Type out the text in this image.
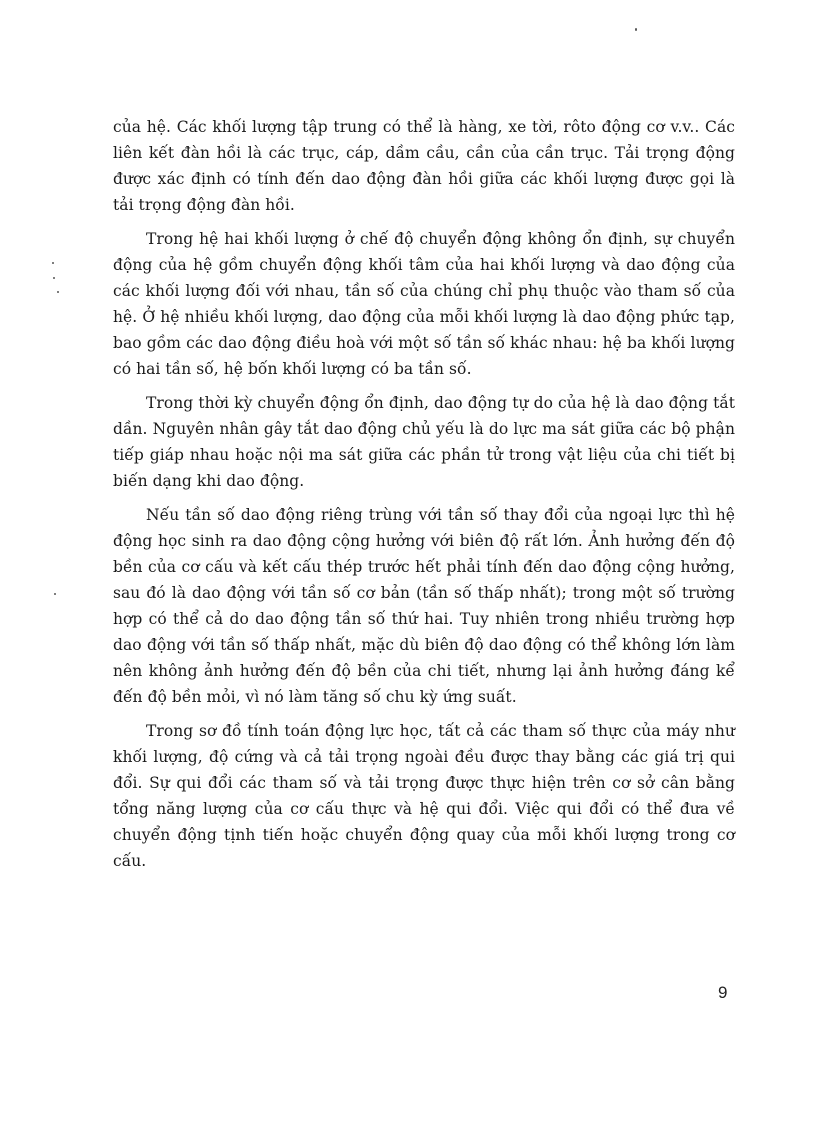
của hệ. Các khối lượng tập trung có thể là hàng, xe tời, rôto động cơ v.v.. Các liên kết đàn hồi là các trục, cáp, dầm cầu, cần của cần trục. Tải trọng động được xác định có tính đến dao động đàn hồi giữa các khối lượng được gọi là tải trọng động đàn hồi.

Trong hệ hai khối lượng ở chế độ chuyển động không ổn định, sự chuyển động của hệ gồm chuyển động khối tâm của hai khối lượng và dao động của các khối lượng đối với nhau, tần số của chúng chỉ phụ thuộc vào tham số của hệ. Ở hệ nhiều khối lượng, dao động của mỗi khối lượng là dao động phức tạp, bao gồm các dao động điều hoà với một số tần số khác nhau: hệ ba khối lượng có hai tần số, hệ bốn khối lượng có ba tần số.

Trong thời kỳ chuyển động ổn định, dao động tự do của hệ là dao động tắt dần. Nguyên nhân gây tắt dao động chủ yếu là do lực ma sát giữa các bộ phận tiếp giáp nhau hoặc nội ma sát giữa các phần tử trong vật liệu của chi tiết bị biến dạng khi dao động.

Nếu tần số dao động riêng trùng với tần số thay đổi của ngoại lực thì hệ động học sinh ra dao động cộng hưởng với biên độ rất lớn. Ảnh hưởng đến độ bền của cơ cấu và kết cấu thép trước hết phải tính đến dao động cộng hưởng, sau đó là dao động với tần số cơ bản (tần số thấp nhất); trong một số trường hợp có thể cả do dao động tần số thứ hai. Tuy nhiên trong nhiều trường hợp dao động với tần số thấp nhất, mặc dù biên độ dao động có thể không lớn làm nên không ảnh hưởng đến độ bền của chi tiết, nhưng lại ảnh hưởng đáng kể đến độ bền mỏi, vì nó làm tăng số chu kỳ ứng suất.

Trong sơ đồ tính toán động lực học, tất cả các tham số thực của máy như khối lượng, độ cứng và cả tải trọng ngoài đều được thay bằng các giá trị qui đổi. Sự qui đổi các tham số và tải trọng được thực hiện trên cơ sở cân bằng tổng năng lượng của cơ cấu thực và hệ qui đổi. Việc qui đổi có thể đưa về chuyển động tịnh tiến hoặc chuyển động quay của mỗi khối lượng trong cơ cấu.

9
